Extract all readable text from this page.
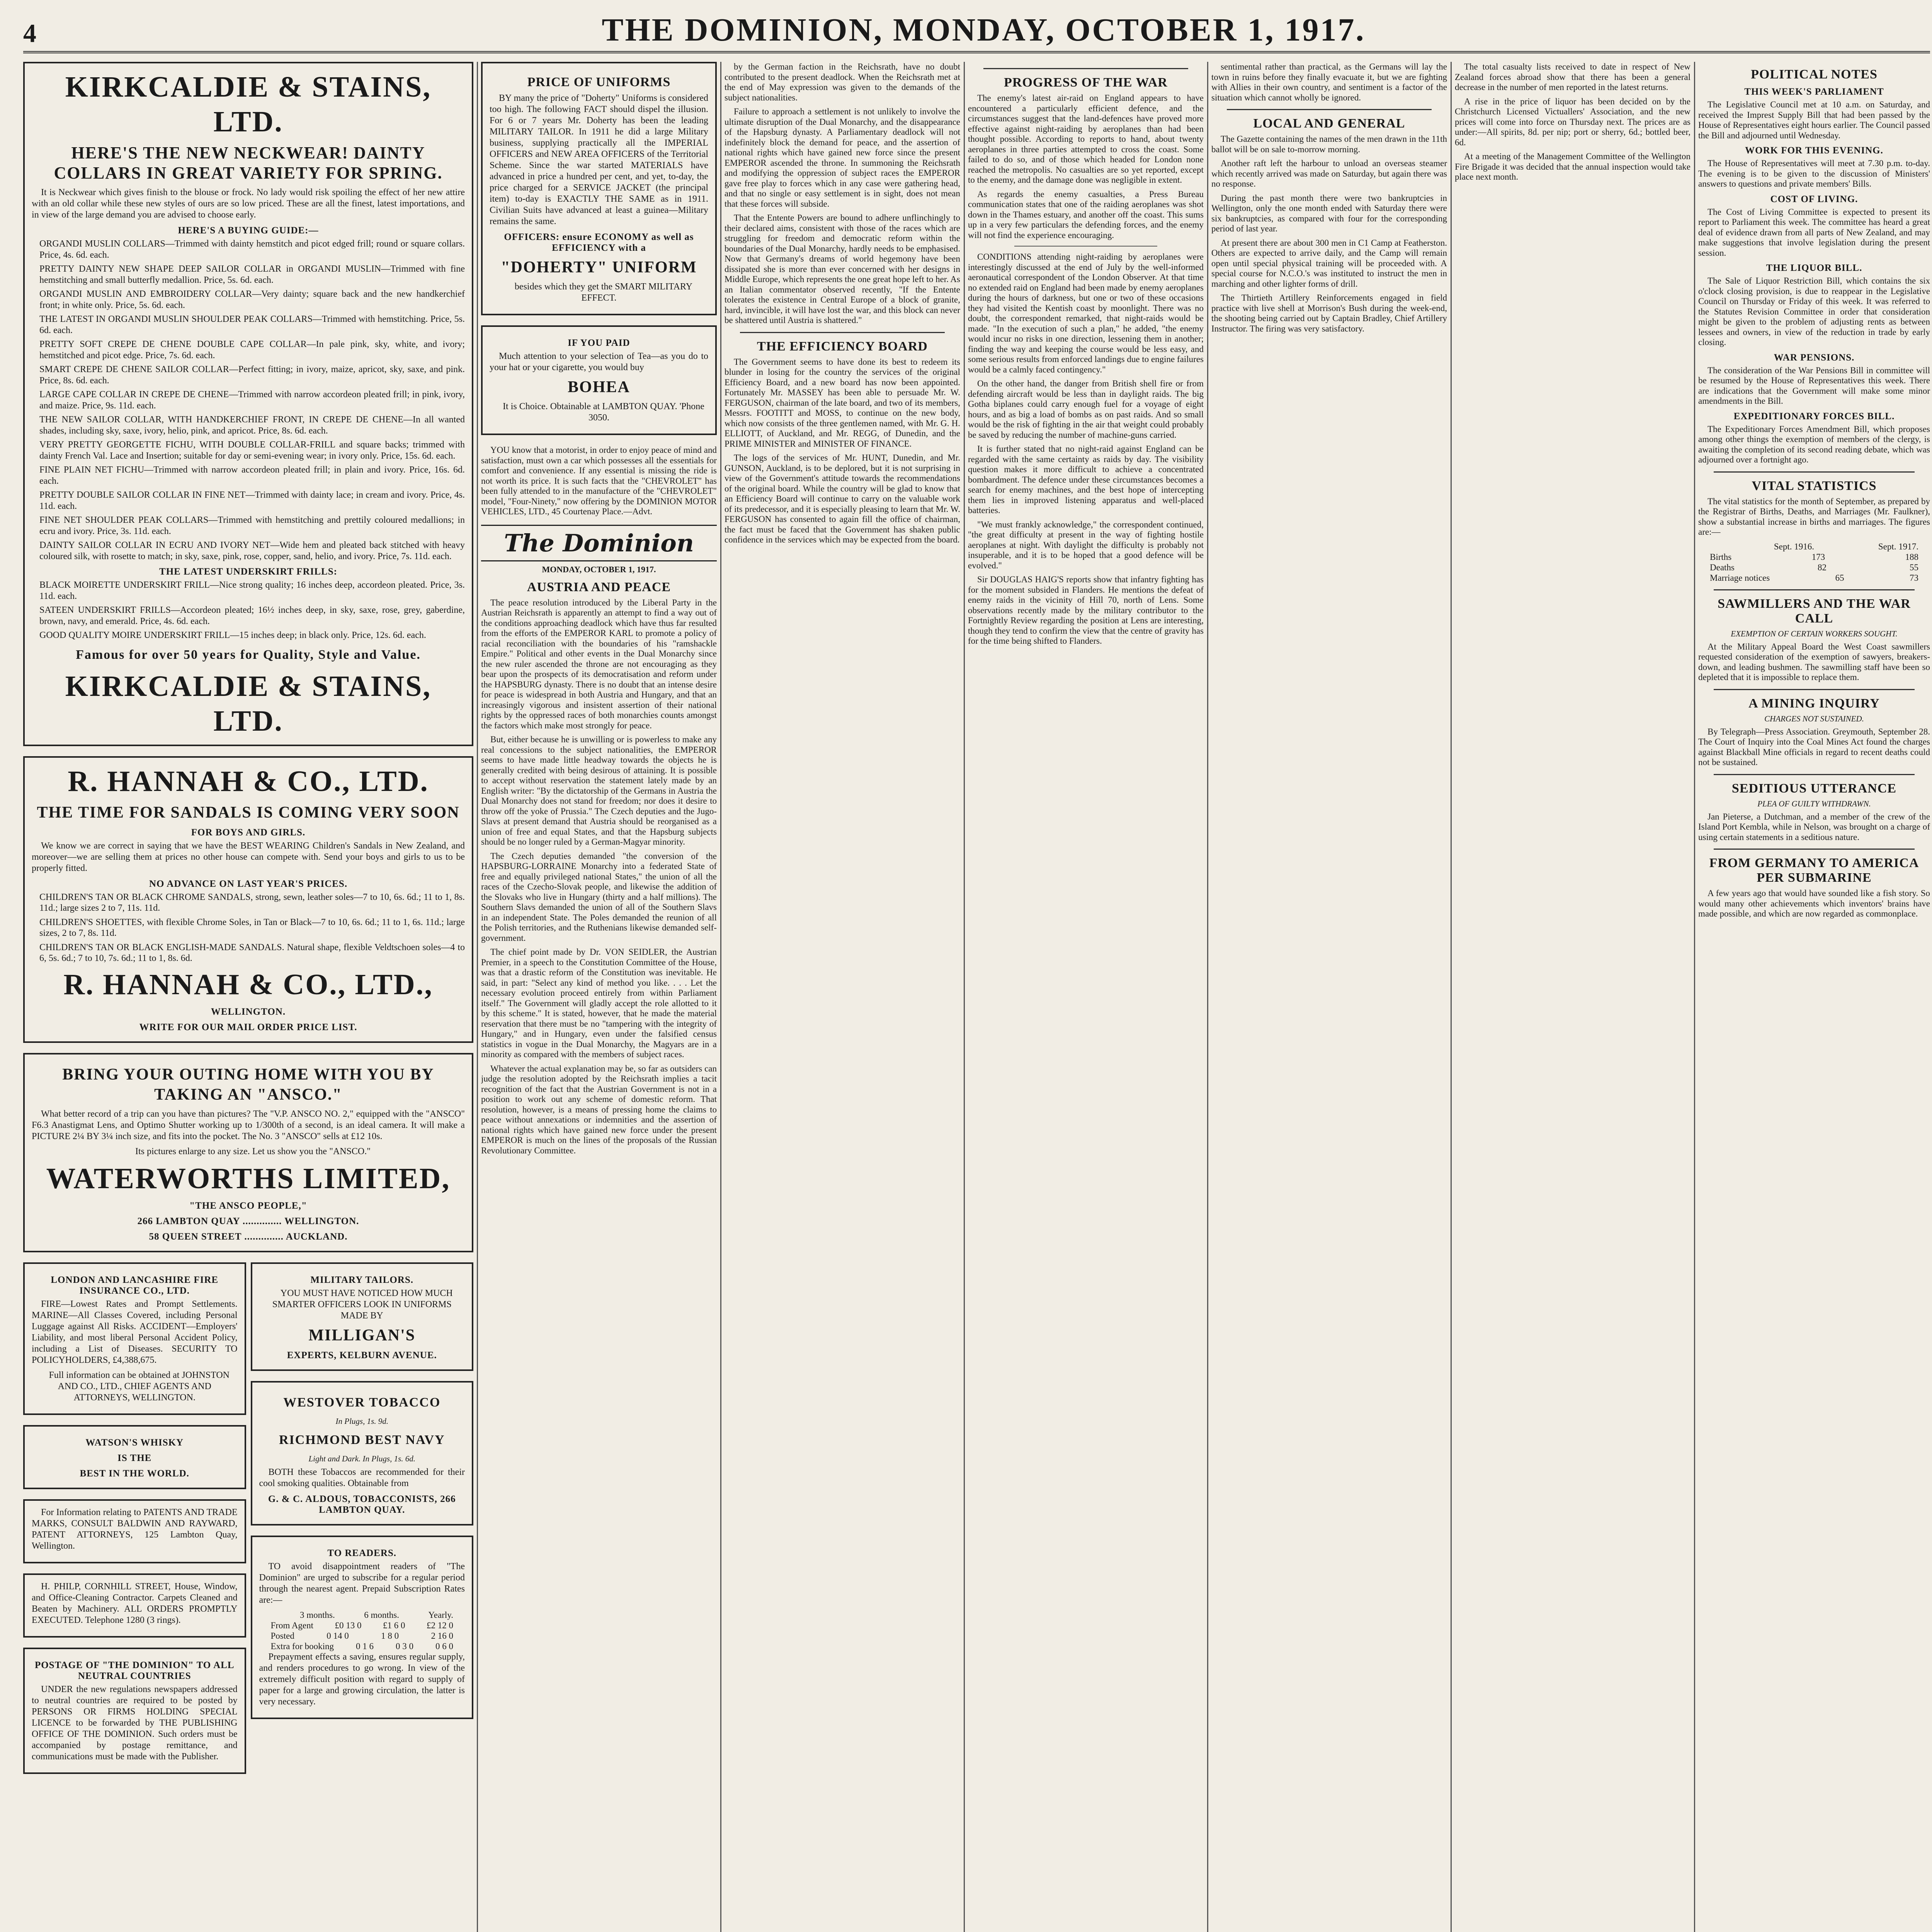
4	THE DOMINION, MONDAY, OCTOBER 1, 1917.
KIRKCALDIE & STAINS, LTD.
HERE'S THE NEW NECKWEAR! DAINTY COLLARS IN GREAT VARIETY FOR SPRING.

It is Neckwear which gives finish to the blouse or frock. No lady would risk spoiling the effect of her new attire with an old collar while these new styles of ours are so low priced. These are all the finest, latest importations, and in view of the large demand you are advised to choose early.

HERE'S A BUYING GUIDE:—

ORGANDI MUSLIN COLLARS—Trimmed with dainty hemstitch and picot edged frill; round or square collars. Price, 4s. 6d. each.

PRETTY DAINTY NEW SHAPE DEEP SAILOR COLLAR in ORGANDI MUSLIN—Trimmed with fine hemstitching and small butterfly medallion. Price, 5s. 6d. each.

ORGANDI MUSLIN AND EMBROIDERY COLLAR—Very dainty; square back and the new handkerchief front; in white only. Price, 5s. 6d. each.

THE LATEST IN ORGANDI MUSLIN SHOULDER PEAK COLLARS—Trimmed with hemstitching. Price, 5s. 6d. each.

PRETTY SOFT CREPE DE CHENE DOUBLE CAPE COLLAR—In pale pink, sky, white, and ivory; hemstitched and picot edge. Price, 7s. 6d. each.

SMART CREPE DE CHENE SAILOR COLLAR—Perfect fitting; in ivory, maize, apricot, sky, saxe, and pink. Price, 8s. 6d. each.

LARGE CAPE COLLAR IN CREPE DE CHENE—Trimmed with narrow accordeon pleated frill; in pink, ivory, and maize. Price, 9s. 11d. each.

THE NEW SAILOR COLLAR, WITH HANDKERCHIEF FRONT, IN CREPE DE CHENE—In all wanted shades, including sky, saxe, ivory, helio, pink, and apricot. Price, 8s. 6d. each.

VERY PRETTY GEORGETTE FICHU, WITH DOUBLE COLLAR-FRILL and square backs; trimmed with dainty French Val. Lace and Insertion; suitable for day or semi-evening wear; in ivory only. Price, 15s. 6d. each.

FINE PLAIN NET FICHU—Trimmed with narrow accordeon pleated frill; in plain and ivory. Price, 16s. 6d. each.

PRETTY DOUBLE SAILOR COLLAR IN FINE NET—Trimmed with dainty lace; in cream and ivory. Price, 4s. 11d. each.

FINE NET SHOULDER PEAK COLLARS—Trimmed with hemstitching and prettily coloured medallions; in ecru and ivory. Price, 3s. 11d. each.

DAINTY SAILOR COLLAR IN ECRU AND IVORY NET—Wide hem and pleated back stitched with heavy coloured silk, with rosette to match; in sky, saxe, pink, rose, copper, sand, helio, and ivory. Price, 7s. 11d. each.

THE LATEST UNDERSKIRT FRILLS:

BLACK MOIRETTE UNDERSKIRT FRILL—Nice strong quality; 16 inches deep, accordeon pleated. Price, 3s. 11d. each.

SATEEN UNDERSKIRT FRILLS—Accordeon pleated; 16½ inches deep, in sky, saxe, rose, grey, gaberdine, brown, navy, and emerald. Price, 4s. 6d. each.

GOOD QUALITY MOIRE UNDERSKIRT FRILL—15 inches deep; in black only. Price, 12s. 6d. each.

Famous for over 50 years for Quality, Style and Value.
KIRKCALDIE & STAINS, LTD.
R. HANNAH & CO., LTD.
THE TIME FOR SANDALS IS COMING VERY SOON
FOR BOYS AND GIRLS.

We know we are correct in saying that we have the BEST WEARING Children's Sandals in New Zealand, and moreover—we are selling them at prices no other house can compete with. Send your boys and girls to us to be properly fitted.

NO ADVANCE ON LAST YEAR'S PRICES.

CHILDREN'S TAN OR BLACK CHROME SANDALS, strong, sewn, leather soles—7 to 10, 6s. 6d.; 11 to 1, 8s. 11d.; large sizes 2 to 7, 11s. 11d.

CHILDREN'S SHOETTES, with flexible Chrome Soles, in Tan or Black—7 to 10, 6s. 6d.; 11 to 1, 6s. 11d.; large sizes, 2 to 7, 8s. 11d.

CHILDREN'S TAN OR BLACK ENGLISH-MADE SANDALS. Natural shape, flexible Veldtschoen soles—4 to 6, 5s. 6d.; 7 to 10, 7s. 6d.; 11 to 1, 8s. 6d.

R. HANNAH & CO., LTD.,
WELLINGTON.
WRITE FOR OUR MAIL ORDER PRICE LIST.
BRING YOUR OUTING HOME WITH YOU BY TAKING AN "ANSCO."

What better record of a trip can you have than pictures? The "V.P. ANSCO NO. 2," equipped with the "ANSCO" F6.3 Anastigmat Lens, and Optimo Shutter working up to 1/300th of a second, is an ideal camera. It will make a PICTURE 2¼ BY 3¼ inch size, and fits into the pocket. The No. 3 "ANSCO" sells at £12 10s.

Its pictures enlarge to any size. Let us show you the "ANSCO."

WATERWORTHS LIMITED,
"THE ANSCO PEOPLE,"
266 LAMBTON QUAY .............. WELLINGTON.
58 QUEEN STREET .............. AUCKLAND.
LONDON AND LANCASHIRE FIRE INSURANCE CO., LTD.

FIRE—Lowest Rates and Prompt Settlements. MARINE—All Classes Covered, including Personal Luggage against All Risks. ACCIDENT—Employers' Liability, and most liberal Personal Accident Policy, including a List of Diseases. SECURITY TO POLICYHOLDERS, £4,388,675.

Full information can be obtained at JOHNSTON AND CO., LTD., CHIEF AGENTS AND ATTORNEYS, WELLINGTON.

WATSON'S WHISKY
IS THE
BEST IN THE WORLD.

For Information relating to PATENTS AND TRADE MARKS, CONSULT BALDWIN AND RAYWARD, PATENT ATTORNEYS, 125 Lambton Quay, Wellington.

H. PHILP, CORNHILL STREET, House, Window, and Office-Cleaning Contractor. Carpets Cleaned and Beaten by Machinery. ALL ORDERS PROMPTLY EXECUTED. Telephone 1280 (3 rings).

POSTAGE OF "THE DOMINION" TO ALL NEUTRAL COUNTRIES

UNDER the new regulations newspapers addressed to neutral countries are required to be posted by PERSONS OR FIRMS HOLDING SPECIAL LICENCE to be forwarded by THE PUBLISHING OFFICE OF THE DOMINION. Such orders must be accompanied by postage remittance, and communications must be made with the Publisher.

MILITARY TAILORS.

YOU MUST HAVE NOTICED HOW MUCH SMARTER OFFICERS LOOK IN UNIFORMS MADE BY

MILLIGAN'S
EXPERTS, KELBURN AVENUE.
WESTOVER TOBACCO
In Plugs, 1s. 9d.
RICHMOND BEST NAVY
Light and Dark. In Plugs, 1s. 6d.

BOTH these Tobaccos are recommended for their cool smoking qualities. Obtainable from

G. & C. ALDOUS, TOBACCONISTS, 266 LAMBTON QUAY.
TO READERS.

TO avoid disappointment readers of "The Dominion" are urged to subscribe for a regular period through the nearest agent. Prepaid Subscription Rates are:—

3 months.	6 months.	Yearly.
From Agent £0 13 0 £1 6 0 £2 12 0
Posted	0 14 0	1 8 0	2 16 0
Extra for booking 0 1 6 0 3 0 0 6 0

Prepayment effects a saving, ensures regular supply, and renders procedures to go wrong. In view of the extremely difficult position with regard to supply of paper for a large and growing circulation, the latter is very necessary.

PRICE OF UNIFORMS

BY many the price of "Doherty" Uniforms is considered too high. The following FACT should dispel the illusion. For 6 or 7 years Mr. Doherty has been the leading MILITARY TAILOR. In 1911 he did a large Military business, supplying practically all the IMPERIAL OFFICERS and NEW AREA OFFICERS of the Territorial Scheme. Since the war started MATERIALS have advanced in price a hundred per cent, and yet, to-day, the price charged for a SERVICE JACKET (the principal item) to-day is EXACTLY THE SAME as in 1911. Civilian Suits have advanced at least a guinea—Military remains the same.

OFFICERS: ensure ECONOMY as well as EFFICIENCY with a
"DOHERTY" UNIFORM

besides which they get the SMART MILITARY EFFECT.

IF YOU PAID

Much attention to your selection of Tea—as you do to your hat or your cigarette, you would buy

BOHEA

It is Choice. Obtainable at LAMBTON QUAY. 'Phone 3050.

YOU know that a motorist, in order to enjoy peace of mind and satisfaction, must own a car which possesses all the essentials for comfort and convenience. If any essential is missing the ride is not worth its price. It is such facts that the "CHEVROLET" has been fully attended to in the manufacture of the "CHEVROLET" model, "Four-Ninety," now offering by the DOMINION MOTOR VEHICLES, LTD., 45 Courtenay Place.—Advt.

The Dominion
MONDAY, OCTOBER 1, 1917.
AUSTRIA AND PEACE

The peace resolution introduced by the Liberal Party in the Austrian Reichsrath is apparently an attempt to find a way out of the conditions approaching deadlock which have thus far resulted from the efforts of the EMPEROR KARL to promote a policy of racial reconciliation with the boundaries of his "ramshackle Empire." Political and other events in the Dual Monarchy since the new ruler ascended the throne are not encouraging as they bear upon the prospects of its democratisation and reform under the HAPSBURG dynasty. There is no doubt that an intense desire for peace is widespread in both Austria and Hungary, and that an increasingly vigorous and insistent assertion of their national rights by the oppressed races of both monarchies counts amongst the factors which make most strongly for peace.

But, either because he is unwilling or is powerless to make any real concessions to the subject nationalities, the EMPEROR seems to have made little headway towards the objects he is generally credited with being desirous of attaining. It is possible to accept without reservation the statement lately made by an English writer: "By the dictatorship of the Germans in Austria the Dual Monarchy does not stand for freedom; nor does it desire to throw off the yoke of Prussia." The Czech deputies and the Jugo-Slavs at present demand that Austria should be reorganised as a union of free and equal States, and that the Hapsburg subjects should be no longer ruled by a German-Magyar minority.

The Czech deputies demanded "the conversion of the HAPSBURG-LORRAINE Monarchy into a federated State of free and equally privileged national States," the union of all the races of the Czecho-Slovak people, and likewise the addition of the Slovaks who live in Hungary (thirty and a half millions). The Southern Slavs demanded the union of all of the Southern Slavs in an independent State. The Poles demanded the reunion of all the Polish territories, and the Ruthenians likewise demanded self-government.

The chief point made by Dr. VON SEIDLER, the Austrian Premier, in a speech to the Constitution Committee of the House, was that a drastic reform of the Constitution was inevitable. He said, in part: "Select any kind of method you like. . . . Let the necessary evolution proceed entirely from within Parliament itself." The Government will gladly accept the role allotted to it by this scheme." It is stated, however, that he made the material reservation that there must be no "tampering with the integrity of Hungary," and in Hungary, even under the falsified census statistics in vogue in the Dual Monarchy, the Magyars are in a minority as compared with the members of subject races.

Whatever the actual explanation may be, so far as outsiders can judge the resolution adopted by the Reichsrath implies a tacit recognition of the fact that the Austrian Government is not in a position to work out any scheme of domestic reform. That resolution, however, is a means of pressing home the claims to peace without annexations or indemnities and the assertion of national rights which have gained new force under the present EMPEROR is much on the lines of the proposals of the Russian Revolutionary Committee.

by the German faction in the Reichsrath, have no doubt contributed to the present deadlock. When the Reichsrath met at the end of May expression was given to the demands of the subject nationalities.

Failure to approach a settlement is not unlikely to involve the ultimate disruption of the Dual Monarchy, and the disappearance of the Hapsburg dynasty. A Parliamentary deadlock will not indefinitely block the demand for peace, and the assertion of national rights which have gained new force since the present EMPEROR ascended the throne. In summoning the Reichsrath and modifying the oppression of subject races the EMPEROR gave free play to forces which in any case were gathering head, and that no single or easy settlement is in sight, does not mean that these forces will subside.

That the Entente Powers are bound to adhere unflinchingly to their declared aims, consistent with those of the races which are struggling for freedom and democratic reform within the boundaries of the Dual Monarchy, hardly needs to be emphasised. Now that Germany's dreams of world hegemony have been dissipated she is more than ever concerned with her designs in Middle Europe, which represents the one great hope left to her. As an Italian commentator observed recently, "If the Entente tolerates the existence in Central Europe of a block of granite, hard, invincible, it will have lost the war, and this block can never be shattered until Austria is shattered."

THE EFFICIENCY BOARD

The Government seems to have done its best to redeem its blunder in losing for the country the services of the original Efficiency Board, and a new board has now been appointed. Fortunately Mr. MASSEY has been able to persuade Mr. W. FERGUSON, chairman of the late board, and two of its members, Messrs. FOOTITT and MOSS, to continue on the new body, which now consists of the three gentlemen named, with Mr. G. H. ELLIOTT, of Auckland, and Mr. REGG, of Dunedin, and the PRIME MINISTER and MINISTER OF FINANCE.

The logs of the services of Mr. HUNT, Dunedin, and Mr. GUNSON, Auckland, is to be deplored, but it is not surprising in view of the Government's attitude towards the recommendations of the original board. While the country will be glad to know that an Efficiency Board will continue to carry on the valuable work of its predecessor, and it is especially pleasing to learn that Mr. W. FERGUSON has consented to again fill the office of chairman, the fact must be faced that the Government has shaken public confidence in the services which may be expected from the board.

PROGRESS OF THE WAR

The enemy's latest air-raid on England appears to have encountered a particularly efficient defence, and the circumstances suggest that the land-defences have proved more effective against night-raiding by aeroplanes than had been thought possible. According to reports to hand, about twenty aeroplanes in three parties attempted to cross the coast. Some failed to do so, and of those which headed for London none reached the metropolis. No casualties are so yet reported, except to the enemy, and the damage done was negligible in extent.

As regards the enemy casualties, a Press Bureau communication states that one of the raiding aeroplanes was shot down in the Thames estuary, and another off the coast. This sums up in a very few particulars the defending forces, and the enemy will not find the experience encouraging.

CONDITIONS attending night-raiding by aeroplanes were interestingly discussed at the end of July by the well-informed aeronautical correspondent of the London Observer. At that time no extended raid on England had been made by enemy aeroplanes during the hours of darkness, but one or two of these occasions they had visited the Kentish coast by moonlight. There was no doubt, the correspondent remarked, that night-raids would be made. "In the execution of such a plan," he added, "the enemy would incur no risks in one direction, lessening them in another; finding the way and keeping the course would be less easy, and some serious results from enforced landings due to engine failures would be a calmly faced contingency."

On the other hand, the danger from British shell fire or from defending aircraft would be less than in daylight raids. The big Gotha biplanes could carry enough fuel for a voyage of eight hours, and as big a load of bombs as on past raids. And so small would be the risk of fighting in the air that weight could probably be saved by reducing the number of machine-guns carried.

It is further stated that no night-raid against England can be regarded with the same certainty as raids by day. The visibility question makes it more difficult to achieve a concentrated bombardment. The defence under these circumstances becomes a search for enemy machines, and the best hope of intercepting them lies in improved listening apparatus and well-placed batteries.

"We must frankly acknowledge," the correspondent continued, "the great difficulty at present in the way of fighting hostile aeroplanes at night. With daylight the difficulty is probably not insuperable, and it is to be hoped that a good defence will be evolved."

Sir DOUGLAS HAIG'S reports show that infantry fighting has for the moment subsided in Flanders. He mentions the defeat of enemy raids in the vicinity of Hill 70, north of Lens. Some observations recently made by the military contributor to the Fortnightly Review regarding the position at Lens are interesting, though they tend to confirm the view that the centre of gravity has for the time being shifted to Flanders.

sentimental rather than practical, as the Germans will lay the town in ruins before they finally evacuate it, but we are fighting with Allies in their own country, and sentiment is a factor of the situation which cannot wholly be ignored.

LOCAL AND GENERAL

The Gazette containing the names of the men drawn in the 11th ballot will be on sale to-morrow morning.

Another raft left the harbour to unload an overseas steamer which recently arrived was made on Saturday, but again there was no response.

During the past month there were two bankruptcies in Wellington, only the one month ended with Saturday there were six bankruptcies, as compared with four for the corresponding period of last year.

At present there are about 300 men in C1 Camp at Featherston. Others are expected to arrive daily, and the Camp will remain open until special physical training will be proceeded with. A special course for N.C.O.'s was instituted to instruct the men in marching and other lighter forms of drill.

The Thirtieth Artillery Reinforcements engaged in field practice with live shell at Morrison's Bush during the week-end, the shooting being carried out by Captain Bradley, Chief Artillery Instructor. The firing was very satisfactory.

The total casualty lists received to date in respect of New Zealand forces abroad show that there has been a general decrease in the number of men reported in the latest returns.

A rise in the price of liquor has been decided on by the Christchurch Licensed Victuallers' Association, and the new prices will come into force on Thursday next. The prices are as under:—All spirits, 8d. per nip; port or sherry, 6d.; bottled beer, 6d.

At a meeting of the Management Committee of the Wellington Fire Brigade it was decided that the annual inspection would take place next month.

POLITICAL NOTES
THIS WEEK'S PARLIAMENT

The Legislative Council met at 10 a.m. on Saturday, and received the Imprest Supply Bill that had been passed by the House of Representatives eight hours earlier. The Council passed the Bill and adjourned until Wednesday.

WORK FOR THIS EVENING.

The House of Representatives will meet at 7.30 p.m. to-day. The evening is to be given to the discussion of Ministers' answers to questions and private members' Bills.

COST OF LIVING.

The Cost of Living Committee is expected to present its report to Parliament this week. The committee has heard a great deal of evidence drawn from all parts of New Zealand, and may make suggestions that involve legislation during the present session.

THE LIQUOR BILL.

The Sale of Liquor Restriction Bill, which contains the six o'clock closing provision, is due to reappear in the Legislative Council on Thursday or Friday of this week. It was referred to the Statutes Revision Committee in order that consideration might be given to the problem of adjusting rents as between lessees and owners, in view of the reduction in trade by early closing.

WAR PENSIONS.

The consideration of the War Pensions Bill in committee will be resumed by the House of Representatives this week. There are indications that the Government will make some minor amendments in the Bill.

EXPEDITIONARY FORCES BILL.

The Expeditionary Forces Amendment Bill, which proposes among other things the exemption of members of the clergy, is awaiting the completion of its second reading debate, which was adjourned over a fortnight ago.

VITAL STATISTICS

The vital statistics for the month of September, as prepared by the Registrar of Births, Deaths, and Marriages (Mr. Faulkner), show a substantial increase in births and marriages. The figures are:—

Sept. 1916.	Sept. 1917.
Births	173	188
Deaths	82	55
Marriage notices	65	73
SAWMILLERS AND THE WAR CALL
EXEMPTION OF CERTAIN WORKERS SOUGHT.

At the Military Appeal Board the West Coast sawmillers requested consideration of the exemption of sawyers, breakers-down, and leading bushmen. The sawmilling staff have been so depleted that it is impossible to replace them.

A MINING INQUIRY
CHARGES NOT SUSTAINED.

By Telegraph—Press Association. Greymouth, September 28. The Court of Inquiry into the Coal Mines Act found the charges against Blackball Mine officials in regard to recent deaths could not be sustained.

SEDITIOUS UTTERANCE
PLEA OF GUILTY WITHDRAWN.

Jan Pieterse, a Dutchman, and a member of the crew of the Island Port Kembla, while in Nelson, was brought on a charge of using certain statements in a seditious nature.

FROM GERMANY TO AMERICA PER SUBMARINE

A few years ago that would have sounded like a fish story. So would many other achievements which inventors' brains have made possible, and which are now regarded as commonplace.
